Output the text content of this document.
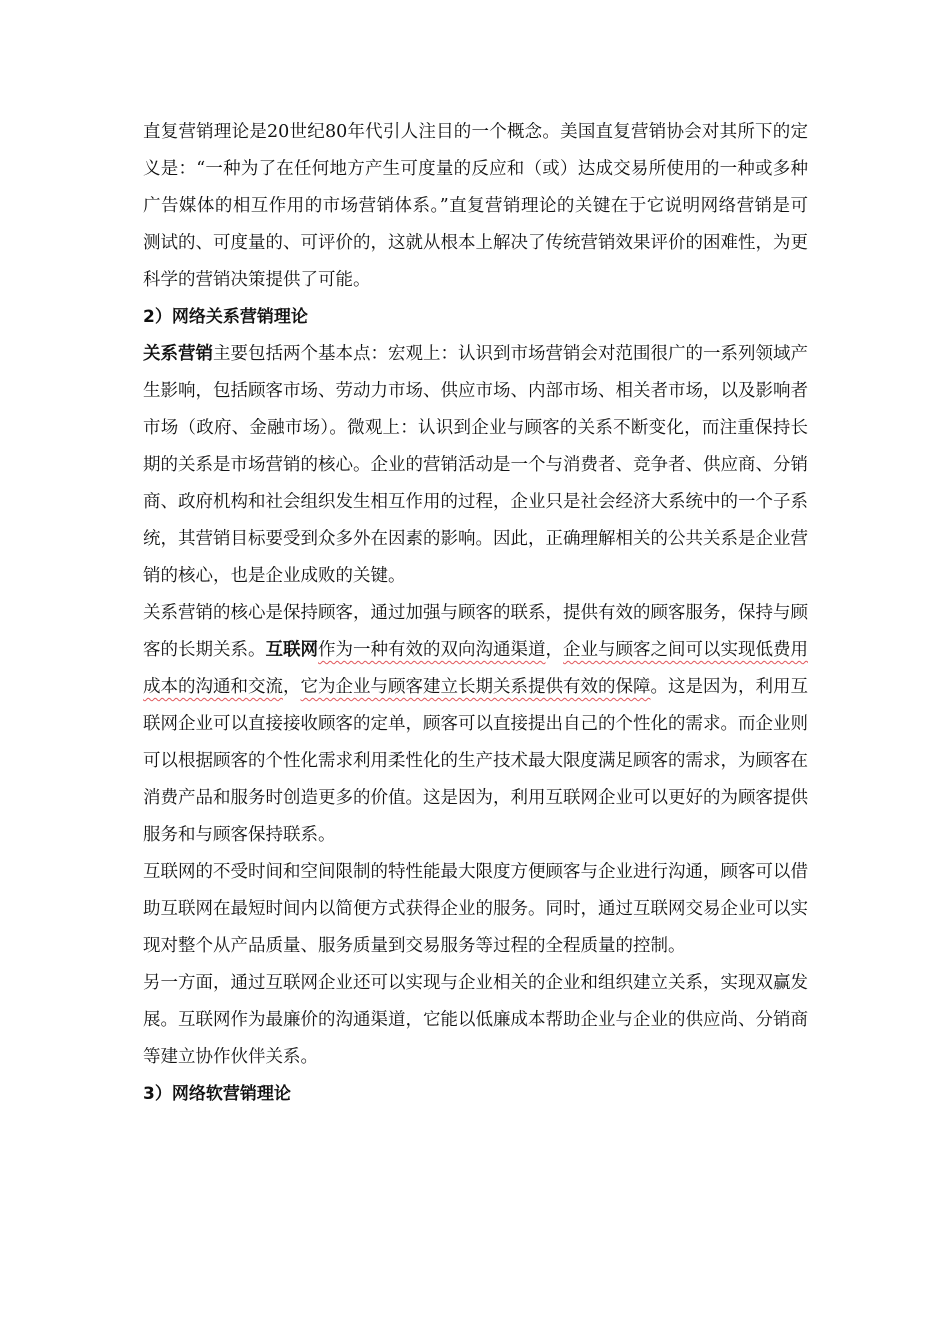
直复营销理论是20世纪80年代引人注目的一个概念。美国直复营销协会对其所下的定义是：“一种为了在任何地方产生可度量的反应和（或）达成交易所使用的一种或多种广告媒体的相互作用的市场营销体系。”直复营销理论的关键在于它说明网络营销是可测试的、可度量的、可评价的，这就从根本上解决了传统营销效果评价的困难性，为更科学的营销决策提供了可能。

2）网络关系营销理论

关系营销主要包括两个基本点：宏观上：认识到市场营销会对范围很广的一系列领域产生影响，包括顾客市场、劳动力市场、供应市场、内部市场、相关者市场，以及影响者市场（政府、金融市场）。微观上：认识到企业与顾客的关系不断变化，而注重保持长期的关系是市场营销的核心。企业的营销活动是一个与消费者、竞争者、供应商、分销商、政府机构和社会组织发生相互作用的过程，企业只是社会经济大系统中的一个子系统，其营销目标要受到众多外在因素的影响。因此，正确理解相关的公共关系是企业营销的核心，也是企业成败的关键。

关系营销的核心是保持顾客，通过加强与顾客的联系，提供有效的顾客服务，保持与顾客的长期关系。互联网作为一种有效的双向沟通渠道，企业与顾客之间可以实现低费用成本的沟通和交流，它为企业与顾客建立长期关系提供有效的保障。这是因为，利用互联网企业可以直接接收顾客的定单，顾客可以直接提出自己的个性化的需求。而企业则可以根据顾客的个性化需求利用柔性化的生产技术最大限度满足顾客的需求，为顾客在消费产品和服务时创造更多的价值。这是因为，利用互联网企业可以更好的为顾客提供服务和与顾客保持联系。

互联网的不受时间和空间限制的特性能最大限度方便顾客与企业进行沟通，顾客可以借助互联网在最短时间内以简便方式获得企业的服务。同时，通过互联网交易企业可以实现对整个从产品质量、服务质量到交易服务等过程的全程质量的控制。

另一方面，通过互联网企业还可以实现与企业相关的企业和组织建立关系，实现双赢发展。互联网作为最廉价的沟通渠道，它能以低廉成本帮助企业与企业的供应尚、分销商等建立协作伙伴关系。

3）网络软营销理论
